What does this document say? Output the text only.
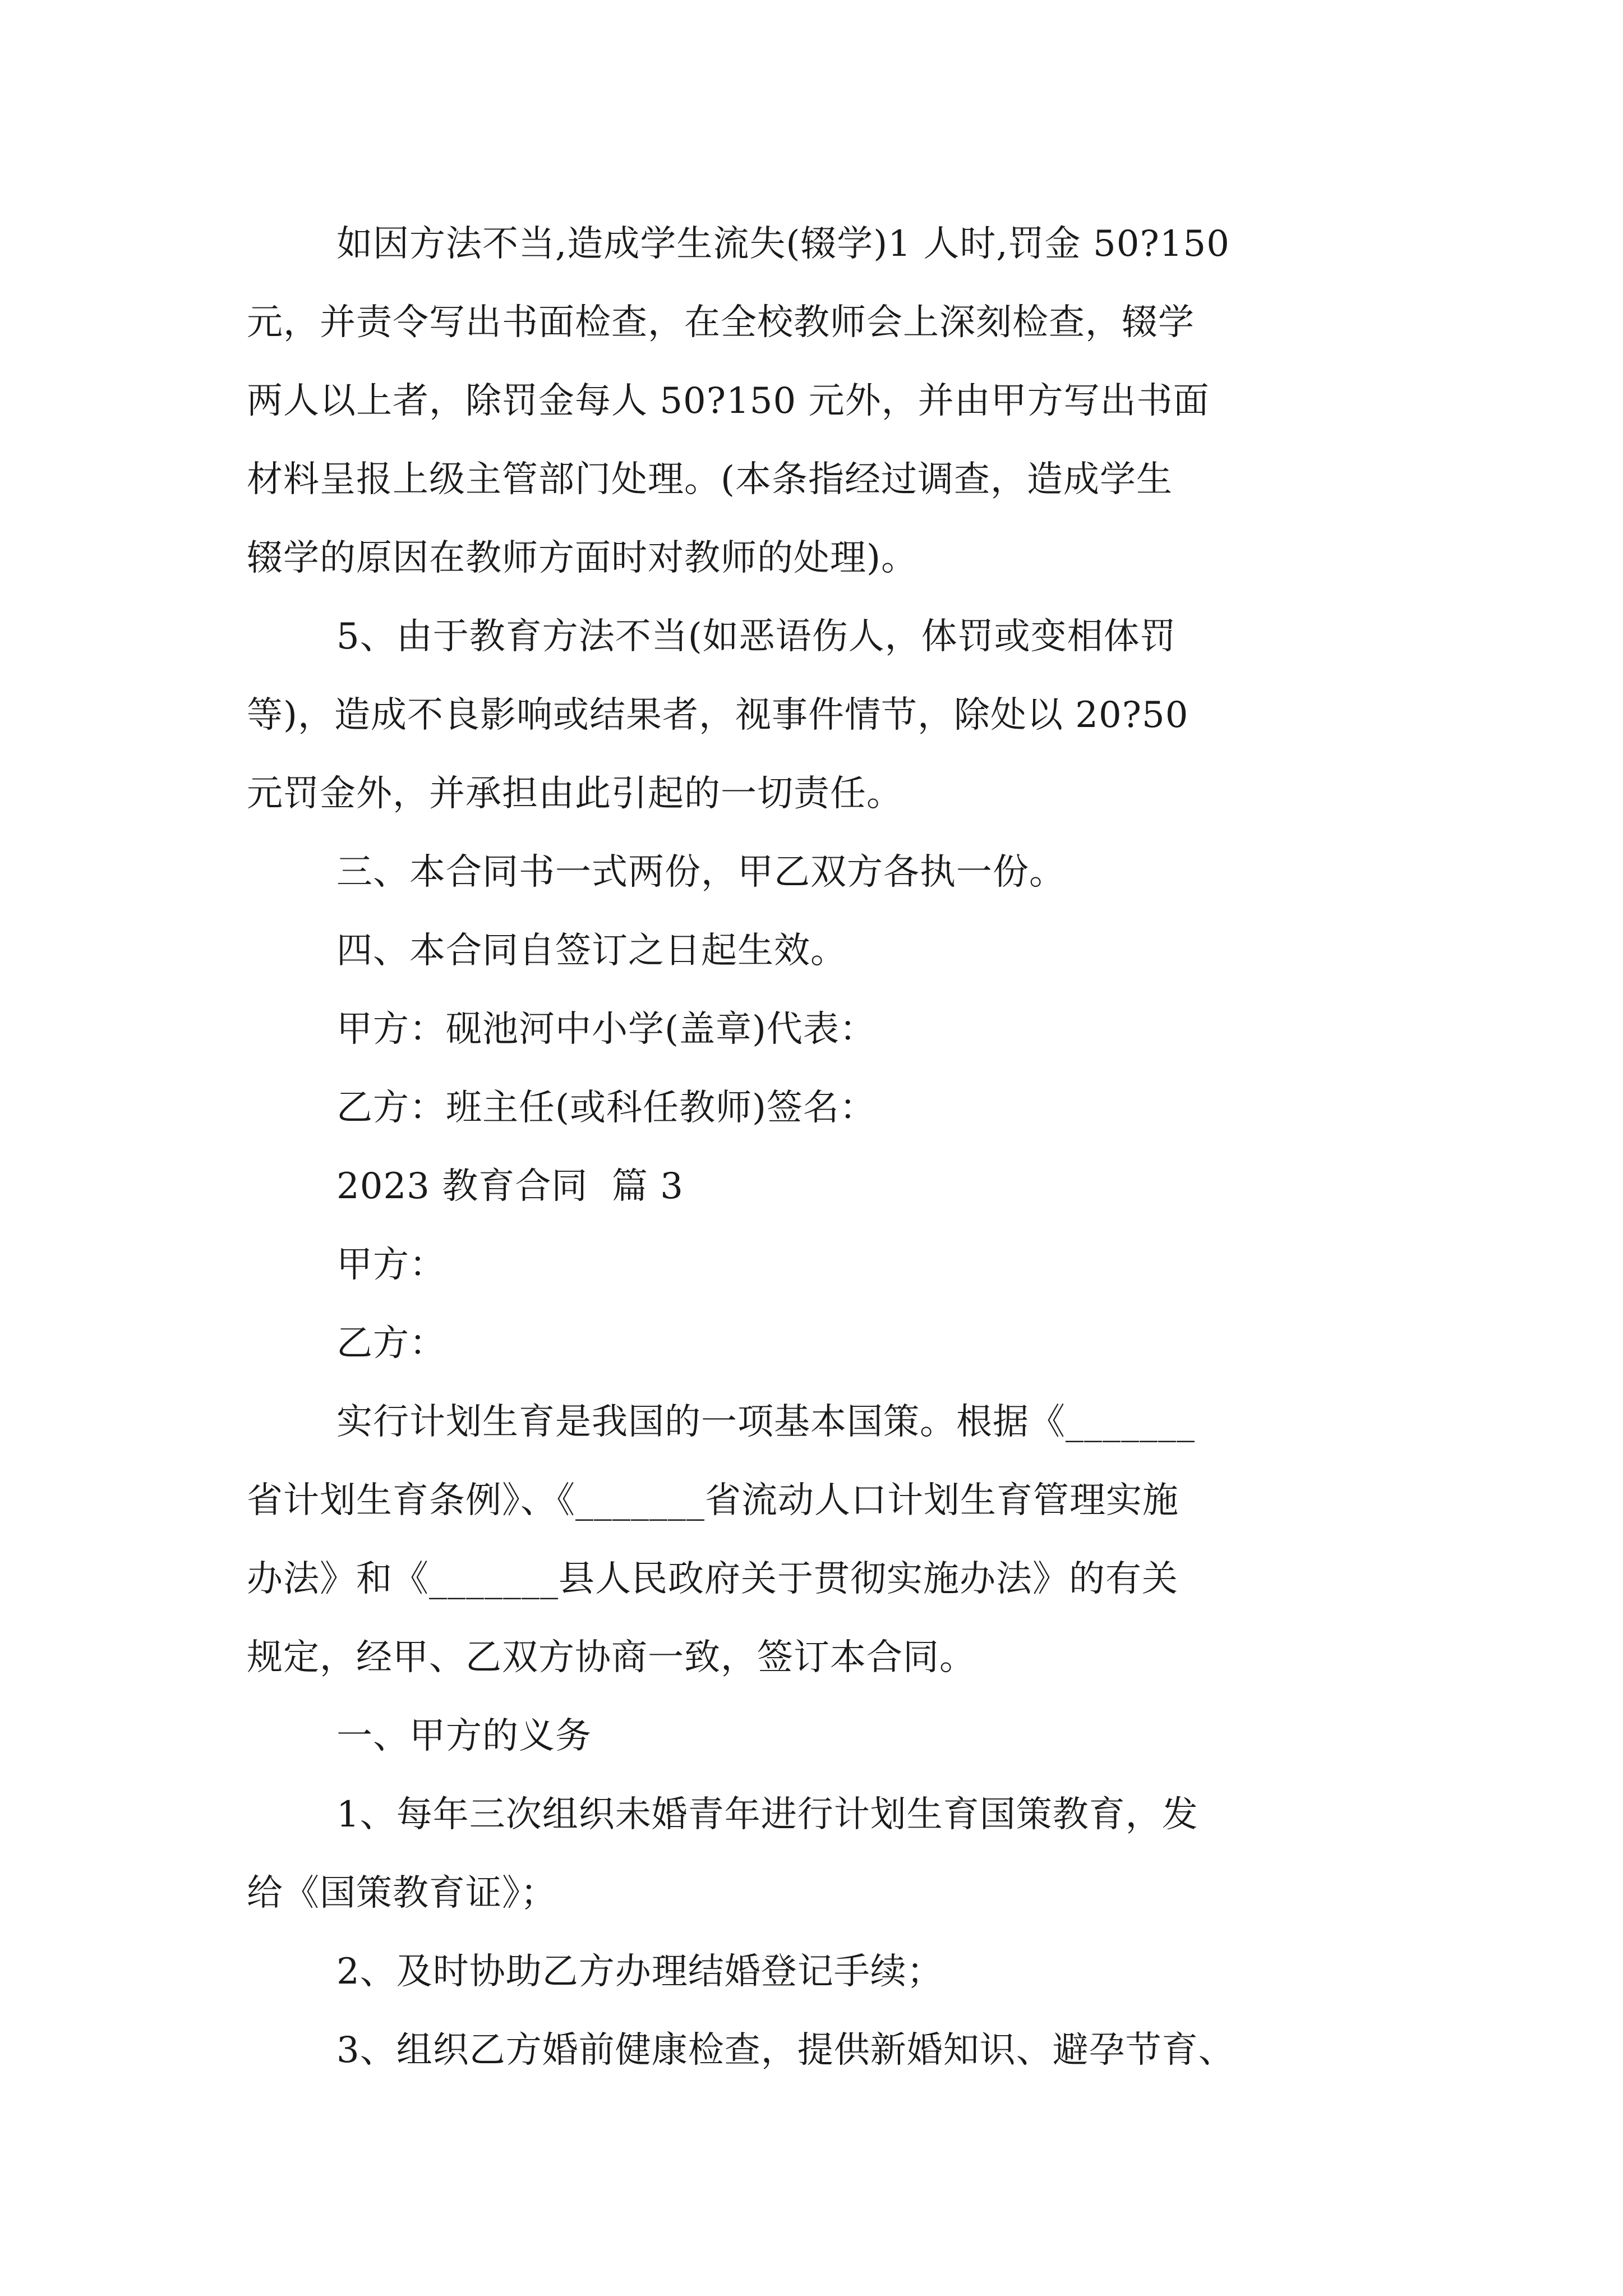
如因方法不当,造成学生流失(辍学)1 人时,罚金 50?150
元，并责令写出书面检查，在全校教师会上深刻检查，辍学
两人以上者，除罚金每人 50?150 元外，并由甲方写出书面
材料呈报上级主管部门处理。(本条指经过调查，造成学生
辍学的原因在教师方面时对教师的处理)。
5、由于教育方法不当(如恶语伤人，体罚或变相体罚
等)，造成不良影响或结果者，视事件情节，除处以 20?50
元罚金外，并承担由此引起的一切责任。
三、本合同书一式两份，甲乙双方各执一份。
四、本合同自签订之日起生效。
甲方：砚池河中小学(盖章)代表：
乙方：班主任(或科任教师)签名：
2023 教育合同  篇 3
甲方：
乙方：
实行计划生育是我国的一项基本国策。根据《_______
省计划生育条例》、《_______省流动人口计划生育管理实施
办法》和《_______县人民政府关于贯彻实施办法》的有关
规定，经甲、乙双方协商一致，签订本合同。
一、甲方的义务
1、每年三次组织未婚青年进行计划生育国策教育，发
给《国策教育证》；
2、及时协助乙方办理结婚登记手续；
3、组织乙方婚前健康检查，提供新婚知识、避孕节育、
